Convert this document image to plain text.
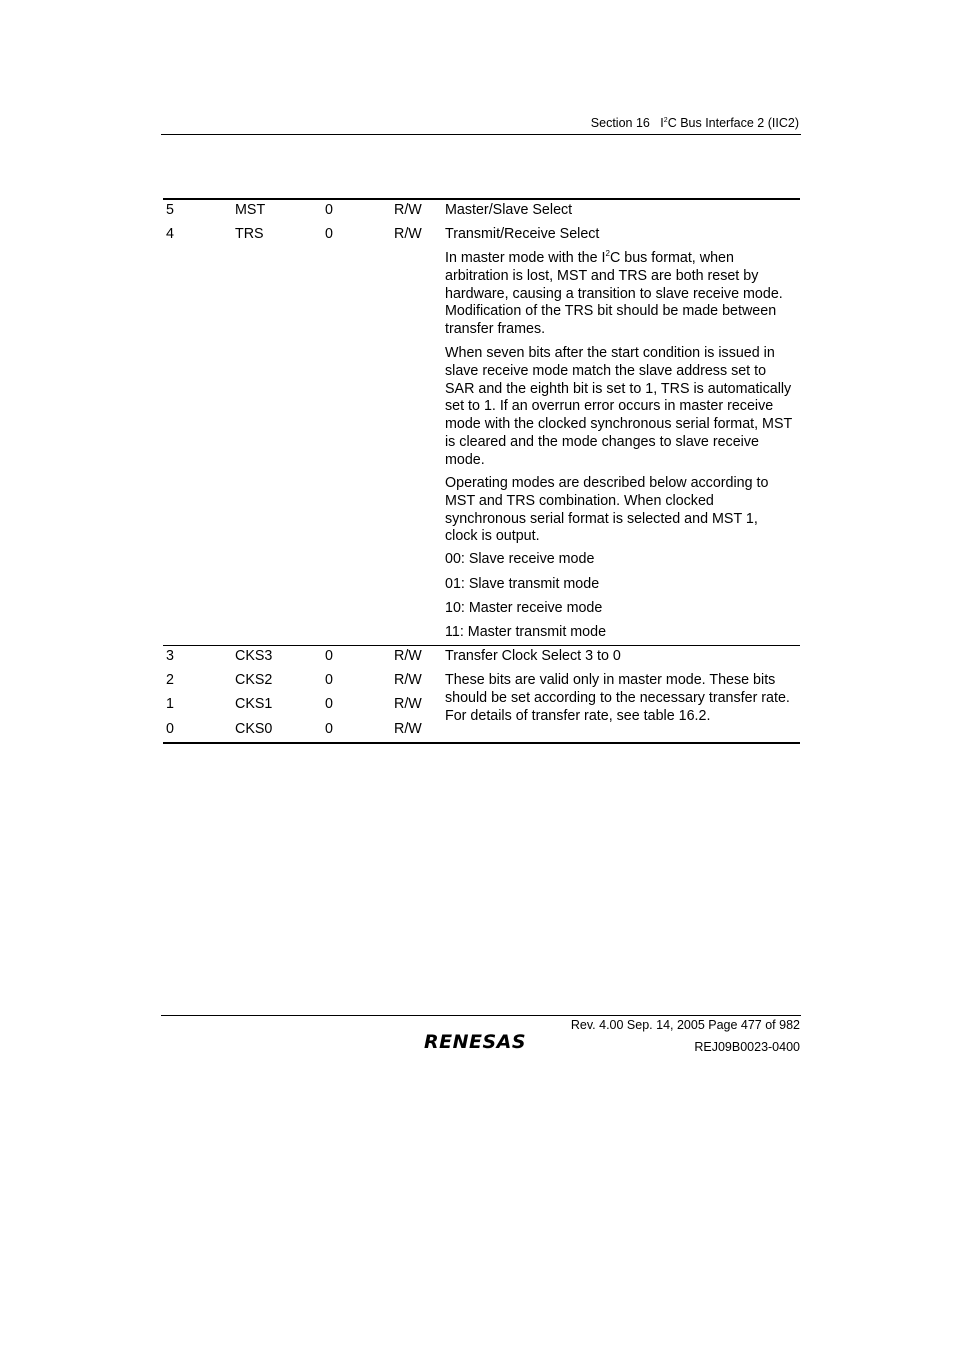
Section 16 $I^2C$ Bus Interface 2 (IIC2)
5	MST	0	R/W Master/Slave Select
4	TRS	0	R/W Transmit/Receive Select
In master mode with the $I^2C$ bus format, when
arbitration is lost, MST and TRS are both reset by
hardware, causing a transition to slave receive mode.
Modification of the TRS bit should be made between
transfer frames.
When seven bits after the start condition is issued in
slave receive mode match the slave address set to
SAR and the eighth bit is set to 1, TRS is automatically
set to 1. If an overrun error occurs in master receive
mode with the clocked synchronous serial format, MST
is cleared and the mode changes to slave receive
mode.
Operating modes are described below according to
MST and TRS combination. When clocked
synchronous serial format is selected and MST 1,
clock is output.
00: Slave receive mode
01: Slave transmit mode
10: Master receive mode
11: Master transmit mode
3	CKS3	0	R/W Transfer Clock Select 3 to 0
2	CKS2	0	R/W
1	CKS1	0	R/W
0	CKS0	0	R/W
These bits are valid only in master mode. These bits
should be set according to the necessary transfer rate.
For details of transfer rate, see table 16.2.
Rev. 4.00 Sep. 14, 2005 Page 477 of 982
REJ09B0023-0400
RENESAS
